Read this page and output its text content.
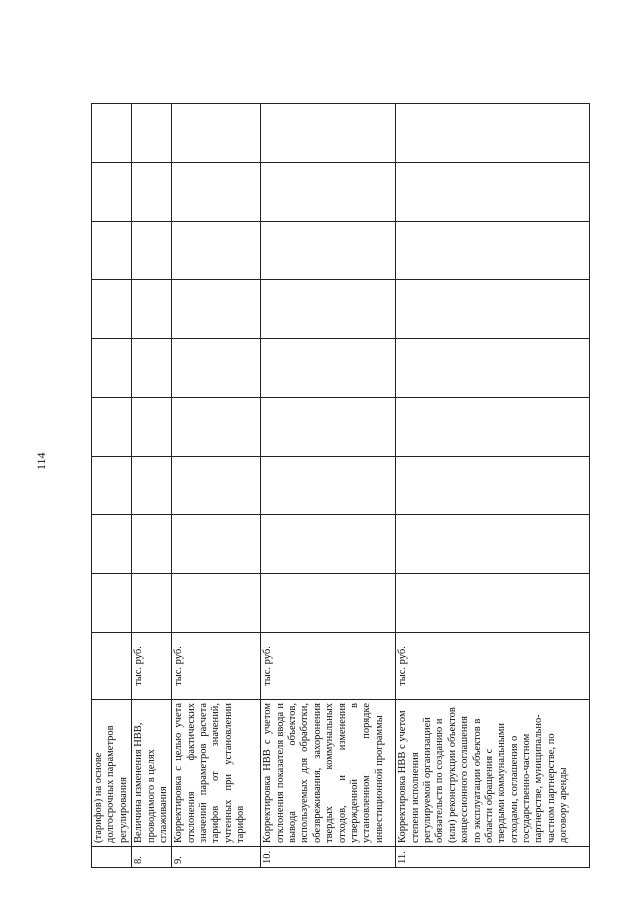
114
	(тарифов) на основе долгосрочных параметров регулирования										
8.	Величина изменения НВВ, проводимого в целях сглаживания	тыс. руб.									
9.	Корректировка с целью учета отклонения фактических значений параметров расчета тарифов от значений, учтенных при установлении тарифов	тыс. руб.									
10.	Корректировка НВВ с учетом отклонения показателя ввода и вывода объектов, используемых для обработки, обезвреживания, захоронения твердых коммунальных отходов, и изменения утвержденной в установленном порядке инвестиционной программы	тыс. руб.									
11.	Корректировка НВВ с учетом степени исполнения регулируемой организацией обязательств по созданию и (или) реконструкции объектов концессионного соглашения по эксплуатации объектов в области обращения с твердыми коммунальными отходами, соглашения о государственно-частном партнерстве, муниципально-частном партнерстве, по договору аренды	тыс. руб.									
